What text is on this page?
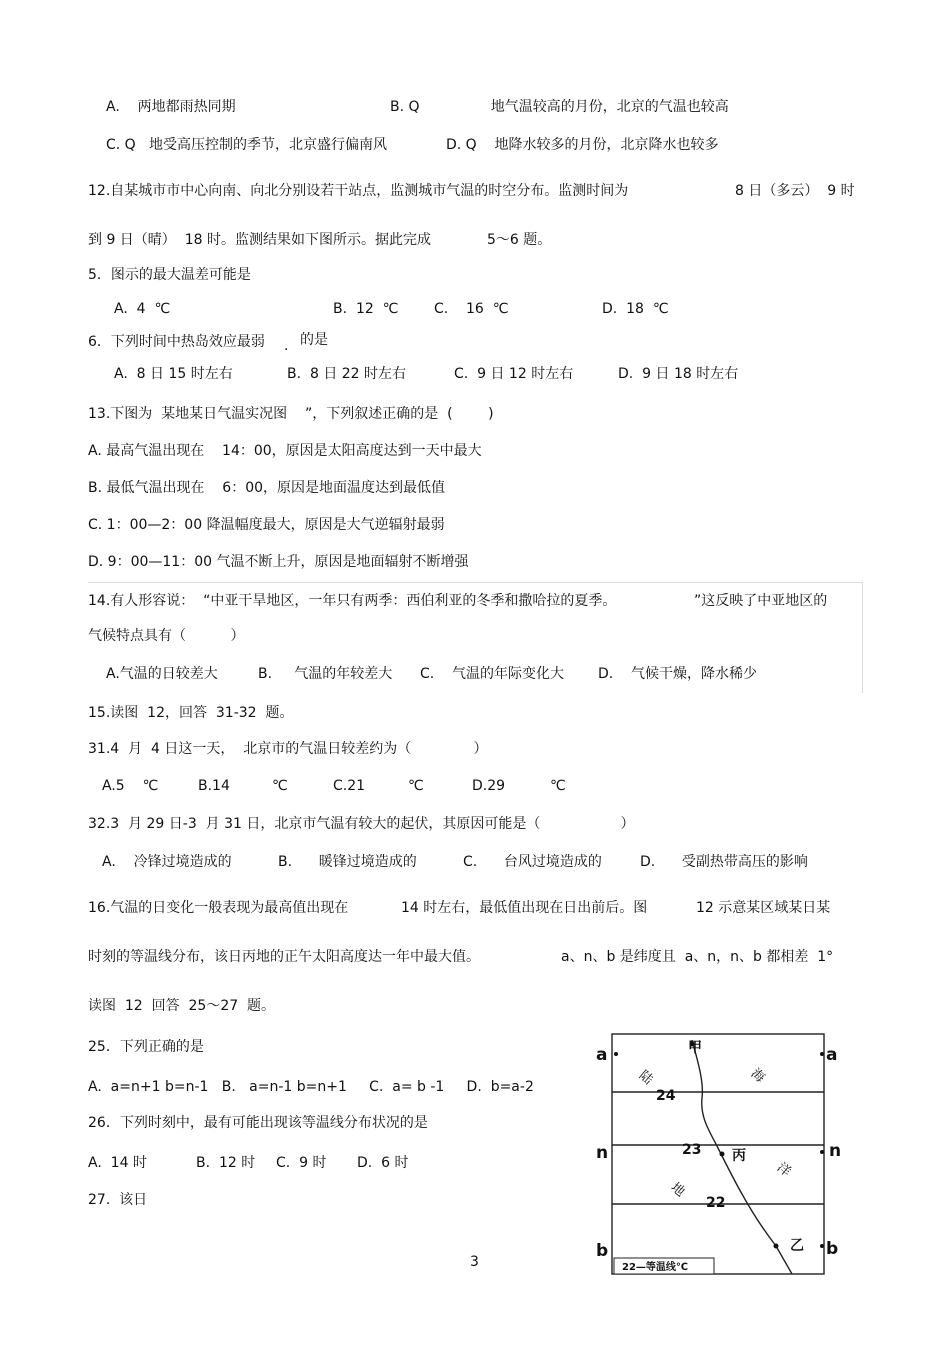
A.    两地都雨热同期	B. Q                地气温较高的月份，北京的气温也较高
C. Q   地受高压控制的季节，北京盛行偏南风	D. Q    地降水较多的月份，北京降水也较多
12.自某城市市中心向南、向北分别设若干站点，监测城市气温的时空分布。监测时间为	8 日（多云）  9 时
到 9 日（晴）  18 时。监测结果如下图所示。据此完成	5～6 题。
5．图示的最大温差可能是
A.  4  ℃	B.  12  ℃	C.    16  ℃	D.  18  ℃
6．下列时间中热岛效应最弱 . 的是
A.  8 日 15 时左右	B.  8 日 22 时左右	C.  9 日 12 时左右	D.  9 日 18 时左右
13.下图为  某地某日气温实况图    ”，下列叙述正确的是  (        )
A. 最高气温出现在    14：00，原因是太阳高度达到一天中最大
B. 最低气温出现在    6：00，原因是地面温度达到最低值
C. 1：00—2：00 降温幅度最大，原因是大气逆辐射最弱
D. 9：00—11：00 气温不断上升，原因是地面辐射不断增强
14.有人形容说：  “中亚干旱地区，一年只有两季：西伯利亚的冬季和撒哈拉的夏季。	”这反映了中亚地区的
气候特点具有（          ）
A.气温的日较差大	B.     气温的年较差大 C.    气温的年际变化大 D.    气候干燥，降水稀少
15.读图  12，回答  31-32  题。
31.4  月  4 日这一天，  北京市的气温日较差约为（              ）
A.5    ℃	B.14	℃	C.21	℃	D.29	℃
32.3  月 29 日-3  月 31 日，北京市气温有较大的起伏，其原因可能是（                  ）
A.    冷锋过境造成的	B.      暖锋过境造成的	C.      台风过境造成的	D.      受副热带高压的影响
16.气温的日变化一般表现为最高值出现在	14 时左右，最低值出现在日出前后。图	12 示意某区域某日某
时刻的等温线分布，该日丙地的正午太阳高度达一年中最大值。	a、n、b 是纬度且  a、n，n、b 都相差  1°
读图  12  回答  25～27  题。
25．下列正确的是
A.  a=n+1 b=n-1   B.   a=n-1 b=n+1     C.  a= b -1     D.  b=a-2
26．下列时刻中，最有可能出现该等温线分布状况的是
A.  14 时	B.  12 时 C.  9 时 D.  6 时
27.  该日
a	a
n	n
b	b
甲
丙
乙
24
23
22
陆
地
海
洋
22—等温线℃
3
